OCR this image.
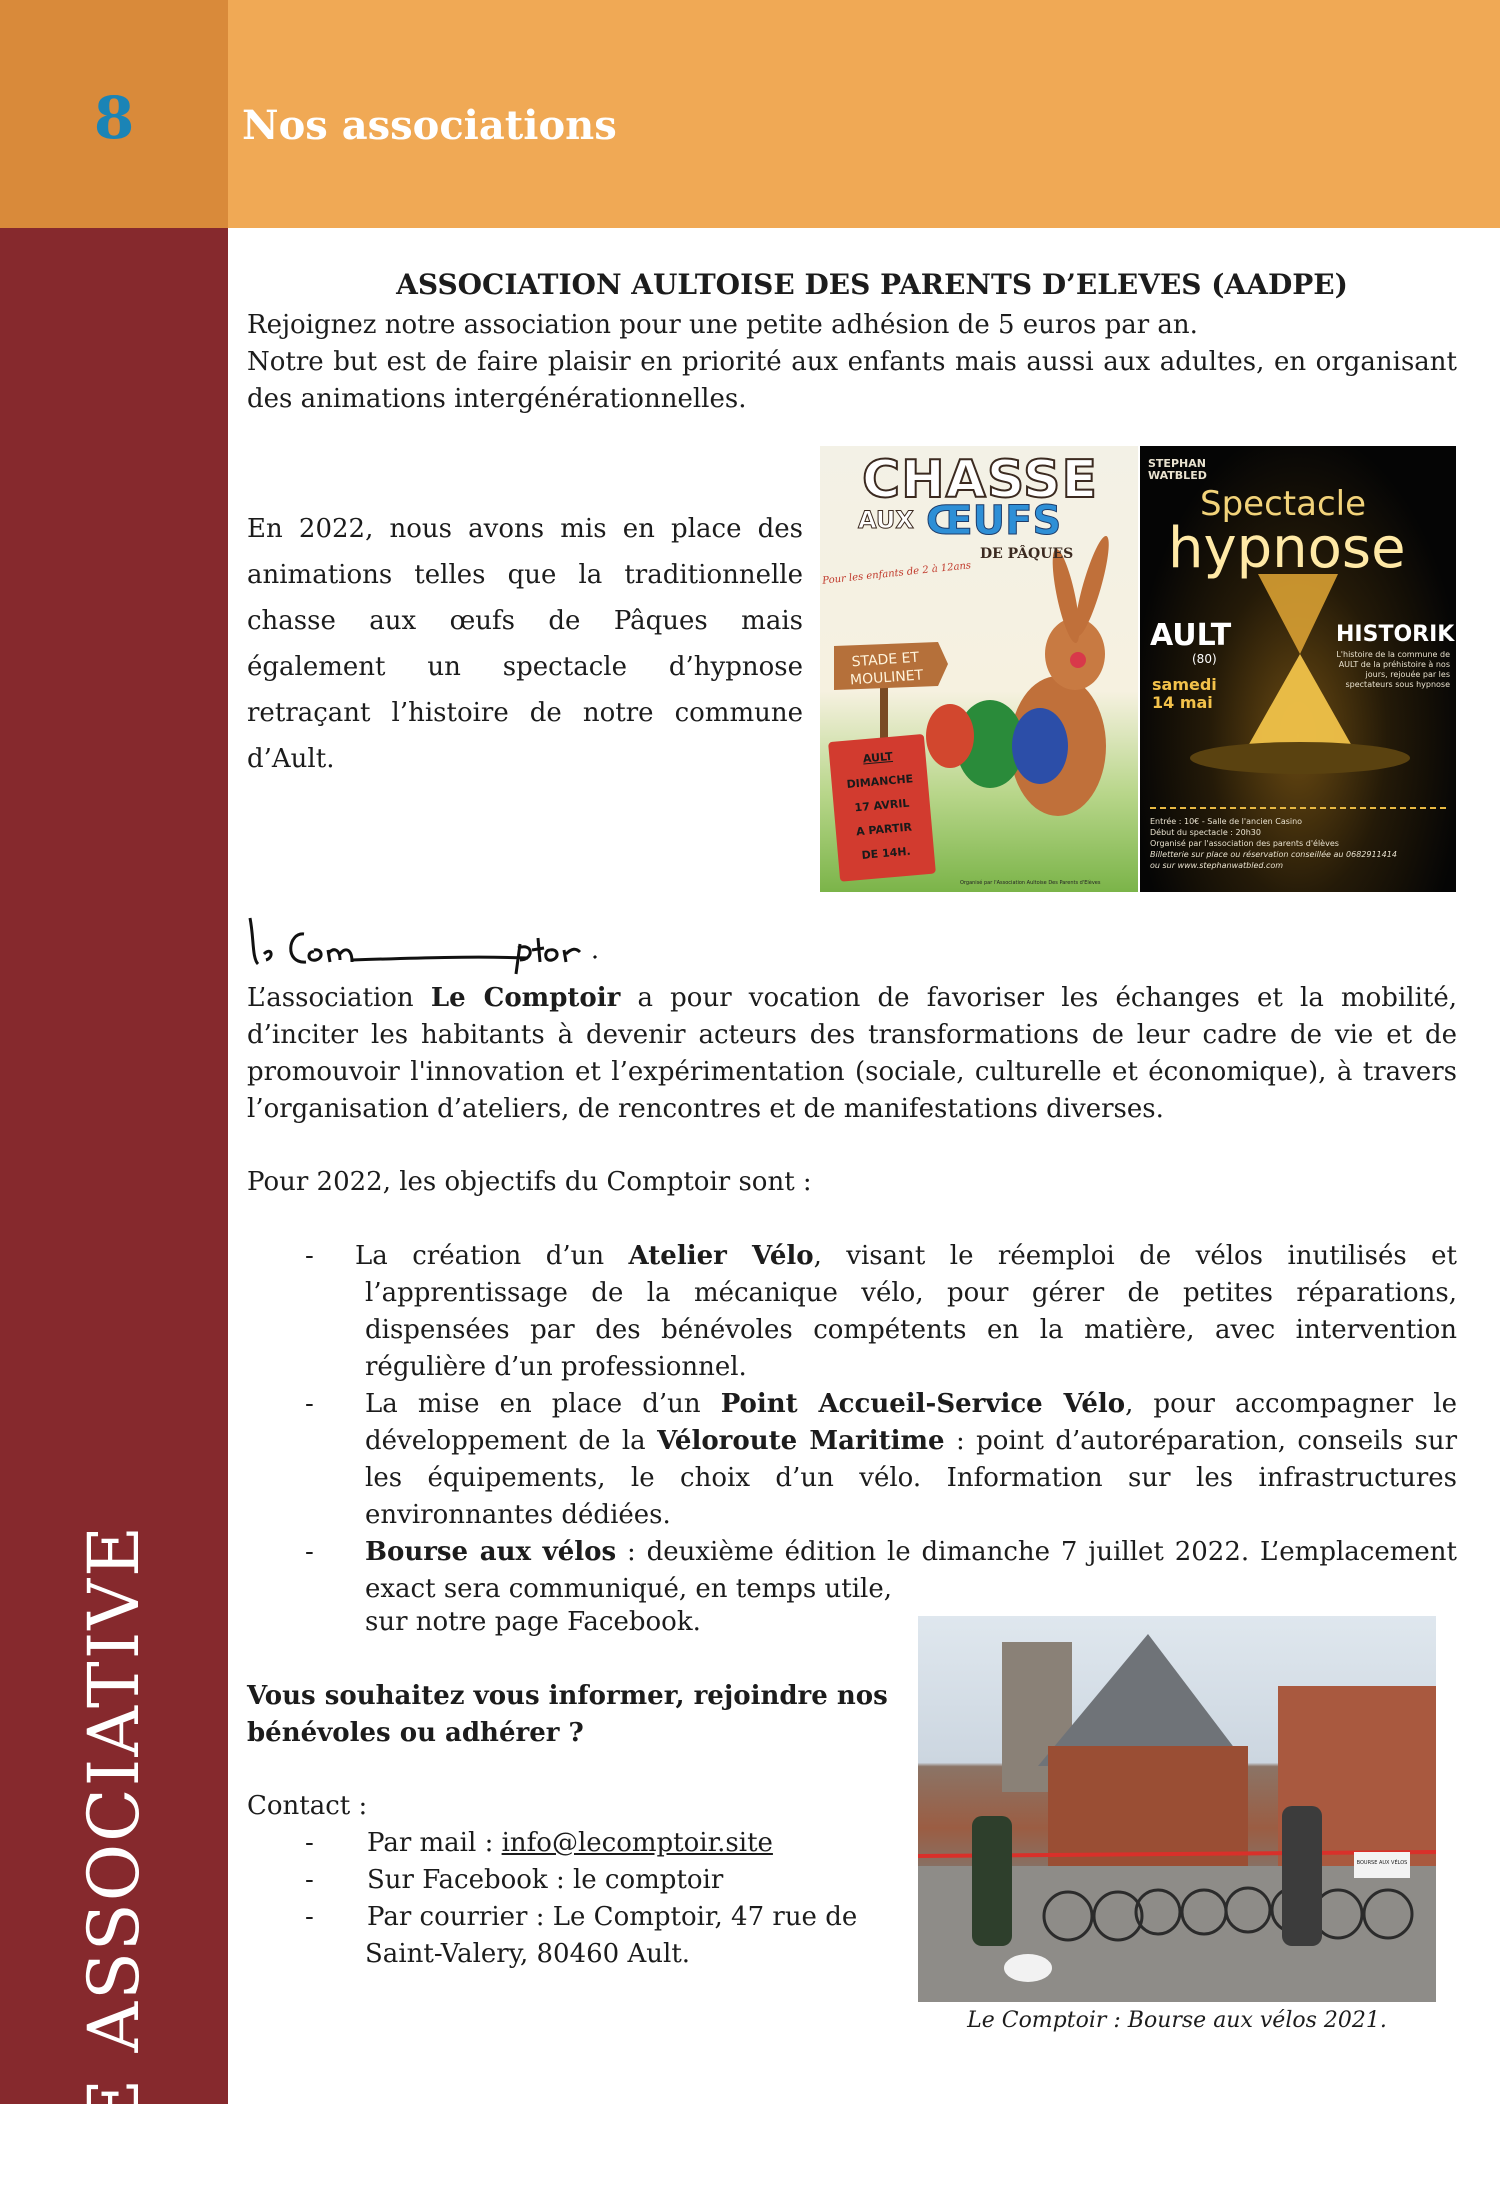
8	Nos associations
VIE ASSOCIATIVE
ASSOCIATION AULTOISE DES PARENTS D’ELEVES (AADPE)

Rejoignez notre association pour une petite adhésion de 5 euros par an.

Notre but est de faire plaisir en priorité aux enfants mais aussi aux adultes, en organisant des animations intergénérationnelles.

En 2022, nous avons mis en place des animations telles que la traditionnelle chasse aux œufs de Pâques mais également un spectacle d’hypnose retraçant l’histoire de notre commune d’Ault.
CHASSE
AUX ŒUFS
DE PÂQUES
Pour les enfants de 2 à 12ans
STADE ET MOULINET
AULT
DIMANCHE
17 AVRIL
A PARTIR
DE 14H.
Organisé par l'Association Aultoise Des Parents d'Elèves
STEPHAN WATBLED
Spectacle
hypnose
AULT
(80)
samedi 14 mai
HISTORIK
L'histoire de la commune de AULT de la préhistoire à nos jours, rejouée par les spectateurs sous hypnose
Entrée : 10€ - Salle de l'ancien Casino
Début du spectacle : 20h30
Organisé par l'association des parents d'élèves
Billetterie sur place ou réservation conseillée au 0682911414
ou sur www.stephanwatbled.com
L’association Le Comptoir a pour vocation de favoriser les échanges et la mobilité, d’inciter les habitants à devenir acteurs des transformations de leur cadre de vie et de promouvoir l'innovation et l’expérimentation (sociale, culturelle et économique), à travers l’organisation d’ateliers, de rencontres et de manifestations diverses.
Pour 2022, les objectifs du Comptoir sont :
- La création d’un Atelier Vélo, visant le réemploi de vélos inutilisés et l’apprentissage de la mécanique vélo, pour gérer de petites réparations, dispensées par des bénévoles compétents en la matière, avec intervention régulière d’un professionnel.
- La mise en place d’un Point Accueil-Service Vélo, pour accompagner le développement de la Véloroute Maritime : point d’autoréparation, conseils sur les équipements, le choix d’un vélo. Information sur les infrastructures environnantes dédiées.
- Bourse aux vélos : deuxième édition le dimanche 7 juillet 2022. L’emplacement exact sera communiqué, en temps utile,
sur notre page Facebook.
Vous souhaitez vous informer, rejoindre nos bénévoles ou adhérer ?
Contact :
- Par mail : info@lecomptoir.site
- Sur Facebook : le comptoir
- Par courrier : Le Comptoir, 47 rue de
Saint-Valery, 80460 Ault.
BOURSE AUX VÉLOS
Le Comptoir : Bourse aux vélos 2021.
